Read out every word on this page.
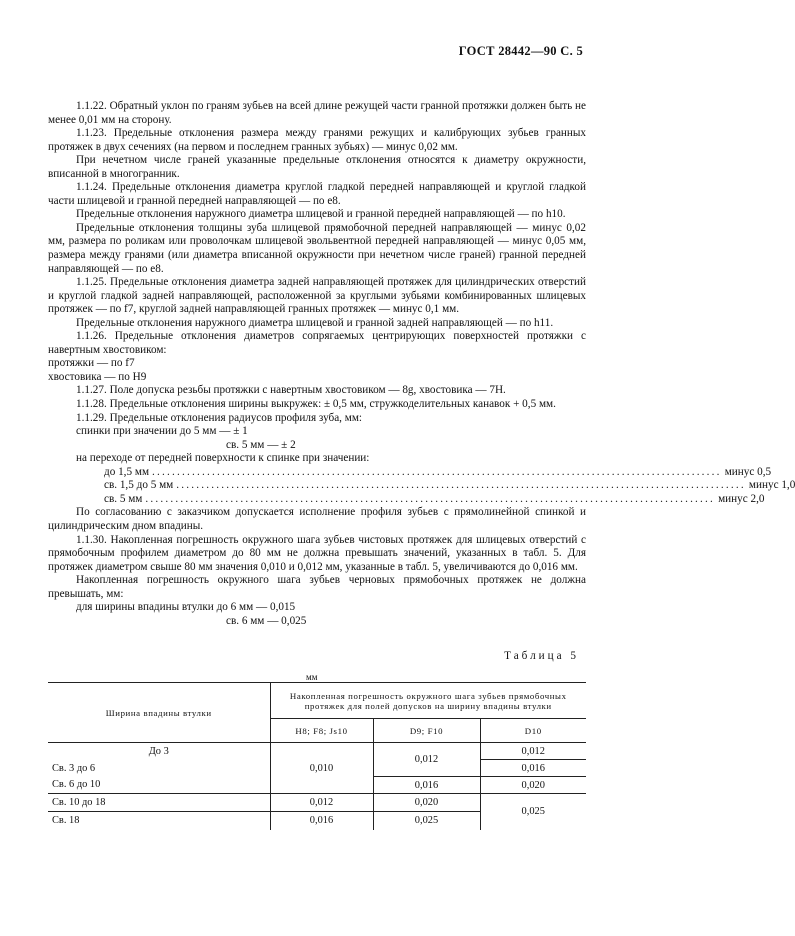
ГОСТ 28442—90 С. 5

1.1.22. Обратный уклон по граням зубьев на всей длине режущей части гранной протяжки должен быть не менее 0,01 мм на сторону.

1.1.23. Предельные отклонения размера между гранями режущих и калибрующих зубьев гранных протяжек в двух сечениях (на первом и последнем гранных зубьях) — минус 0,02 мм.

При нечетном числе граней указанные предельные отклонения относятся к диаметру окружности, вписанной в многогранник.

1.1.24. Предельные отклонения диаметра круглой гладкой передней направляющей и круглой гладкой части шлицевой и гранной передней направляющей — по е8.

Предельные отклонения наружного диаметра шлицевой и гранной передней направляющей — по h10.

Предельные отклонения толщины зуба шлицевой прямобочной передней направляющей — минус 0,02 мм, размера по роликам или проволочкам шлицевой эвольвентной передней направляющей — минус 0,05 мм, размера между гранями (или диаметра вписанной окружности при нечетном числе граней) гранной передней направляющей — по е8.

1.1.25. Предельные отклонения диаметра задней направляющей протяжек для цилиндрических отверстий и круглой гладкой задней направляющей, расположенной за круглыми зубьями комбинированных шлицевых протяжек — по f7, круглой задней направляющей гранных протяжек — минус 0,1 мм.

Предельные отклонения наружного диаметра шлицевой и гранной задней направляющей — по h11.

1.1.26. Предельные отклонения диаметров сопрягаемых центрирующих поверхностей протяжки с навертным хвостовиком:

протяжки — по f7

хвостовика — по Н9

1.1.27. Поле допуска резьбы протяжки с навертным хвостовиком — 8g, хвостовика — 7Н.

1.1.28. Предельные отклонения ширины выкружек: ± 0,5 мм, стружкоделительных канавок + 0,5 мм.

1.1.29. Предельные отклонения радиусов профиля зуба, мм:

спинки при значении до 5 мм — ± 1

св. 5 мм — ± 2

на переходе от передней поверхности к спинке при значении:

до 1,5 мм .................................................................................................................. минус 0,5
св. 1,5 до 5 мм .................................................................................................................. минус 1,0
св. 5 мм .................................................................................................................. минус 2,0

По согласованию с заказчиком допускается исполнение профиля зубьев с прямолинейной спинкой и цилиндрическим дном впадины.

1.1.30. Накопленная погрешность окружного шага зубьев чистовых протяжек для шлицевых отверстий с прямобочным профилем диаметром до 80 мм не должна превышать значений, указанных в табл. 5. Для протяжек диаметром свыше 80 мм значения 0,010 и 0,012 мм, указанные в табл. 5, увеличиваются до 0,016 мм.

Накопленная погрешность окружного шага зубьев черновых прямобочных протяжек не должна превышать, мм:

для ширины впадины втулки до 6 мм — 0,015

св. 6 мм — 0,025

Таблица 5
мм
Ширина впадины втулки	Накопленная погрешность окружного шага зубьев прямобочных протяжек для полей допусков на ширину впадины втулки		
	H8; F8; Js10	D9; F10	D10
До 3	0,010	0,012	0,012
Св. 3 до 6			0,016
Св. 6 до 10		0,016	0,020
Св. 10 до 18	0,012	0,020	0,025
Св. 18	0,016	0,025	
